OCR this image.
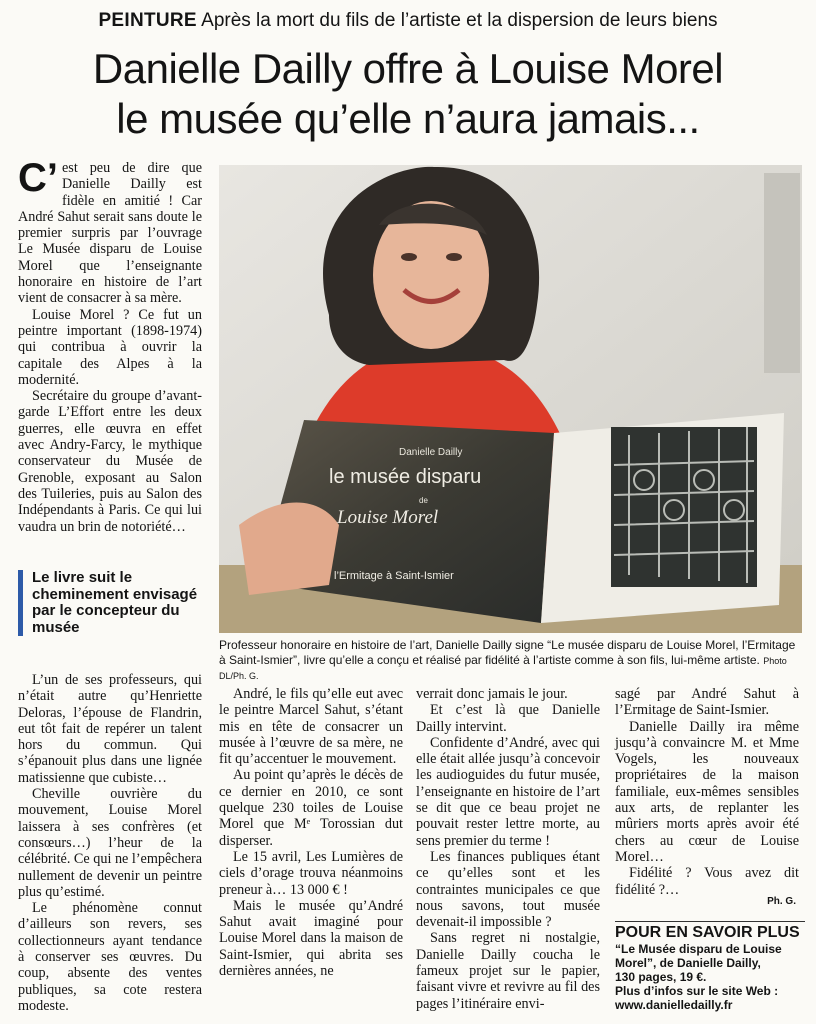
PEINTURE Après la mort du fils de l’artiste et la dispersion de leurs biens
Danielle Dailly offre à Louise Morel
le musée qu’elle n’aura jamais...

C’ est peu de dire que Danielle Dailly est fidèle en amitié ! Car André Sahut serait sans doute le premier surpris par l’ouvrage Le Musée disparu de Louise Morel que l’enseignante honoraire en histoire de l’art vient de consacrer à sa mère.

Louise Morel ? Ce fut un peintre important (1898-1974) qui contribua à ouvrir la capitale des Alpes à la modernité.

Secrétaire du groupe d’avant-garde L’Effort entre les deux guerres, elle œuvra en effet avec Andry-Farcy, le mythique conservateur du Musée de Grenoble, exposant au Salon des Tuileries, puis au Salon des Indépendants à Paris. Ce qui lui vaudra un brin de notoriété…

Le livre suit le cheminement envisagé par le concepteur du musée

L’un de ses professeurs, qui n’était autre qu’Henriette Deloras, l’épouse de Flandrin, eut tôt fait de repérer un talent hors du commun. Qui s’épanouit plus dans une lignée matissienne que cubiste…

Cheville ouvrière du mouvement, Louise Morel laissera à ses confrères (et consœurs…) l’heur de la célébrité. Ce qui ne l’empêchera nullement de devenir un peintre plus qu’estimé.

Le phénomène connut d’ailleurs son revers, ses collectionneurs ayant tendance à conserver ses œuvres. Du coup, absente des ventes publiques, sa cote restera modeste.

Danielle Dailly
le musée disparu
de
Louise Morel
l’Ermitage à Saint-Ismier
Professeur honoraire en histoire de l’art, Danielle Dailly signe “Le musée disparu de Louise Morel, l’Ermitage à Saint-Ismier”, livre qu’elle a conçu et réalisé par fidélité à l’artiste comme à son fils, lui-même artiste. Photo DL/Ph. G.

André, le fils qu’elle eut avec le peintre Marcel Sahut, s’étant mis en tête de consacrer un musée à l’œuvre de sa mère, ne fit qu’accentuer le mouvement.

Au point qu’après le décès de ce dernier en 2010, ce sont quelque 230 toiles de Louise Morel que Mᵉ Torossian dut disperser.

Le 15 avril, Les Lumières de ciels d’orage trouva néanmoins preneur à… 13 000 € !

Mais le musée qu’André Sahut avait imaginé pour Louise Morel dans la maison de Saint-Ismier, qui abrita ses dernières années, ne

verrait donc jamais le jour.

Et c’est là que Danielle Dailly intervint.

Confidente d’André, avec qui elle était allée jusqu’à concevoir les audioguides du futur musée, l’enseignante en histoire de l’art se dit que ce beau projet ne pouvait rester lettre morte, au sens premier du terme !

Les finances publiques étant ce qu’elles sont et les contraintes municipales ce que nous savons, tout musée devenait-il impossible ?

Sans regret ni nostalgie, Danielle Dailly coucha le fameux projet sur le papier, faisant vivre et revivre au fil des pages l’itinéraire envi-

sagé par André Sahut à l’Ermitage de Saint-Ismier.

Danielle Dailly ira même jusqu’à convaincre M. et Mme Vogels, les nouveaux propriétaires de la maison familiale, eux-mêmes sensibles aux arts, de replanter les mûriers morts après avoir été chers au cœur de Louise Morel…

Fidélité ? Vous avez dit fidélité ?…

Ph. G.
POUR EN SAVOIR PLUS
“Le Musée disparu de Louise Morel”, de Danielle Dailly,
130 pages, 19 €.
Plus d’infos sur le site Web :
www.danielledailly.fr
